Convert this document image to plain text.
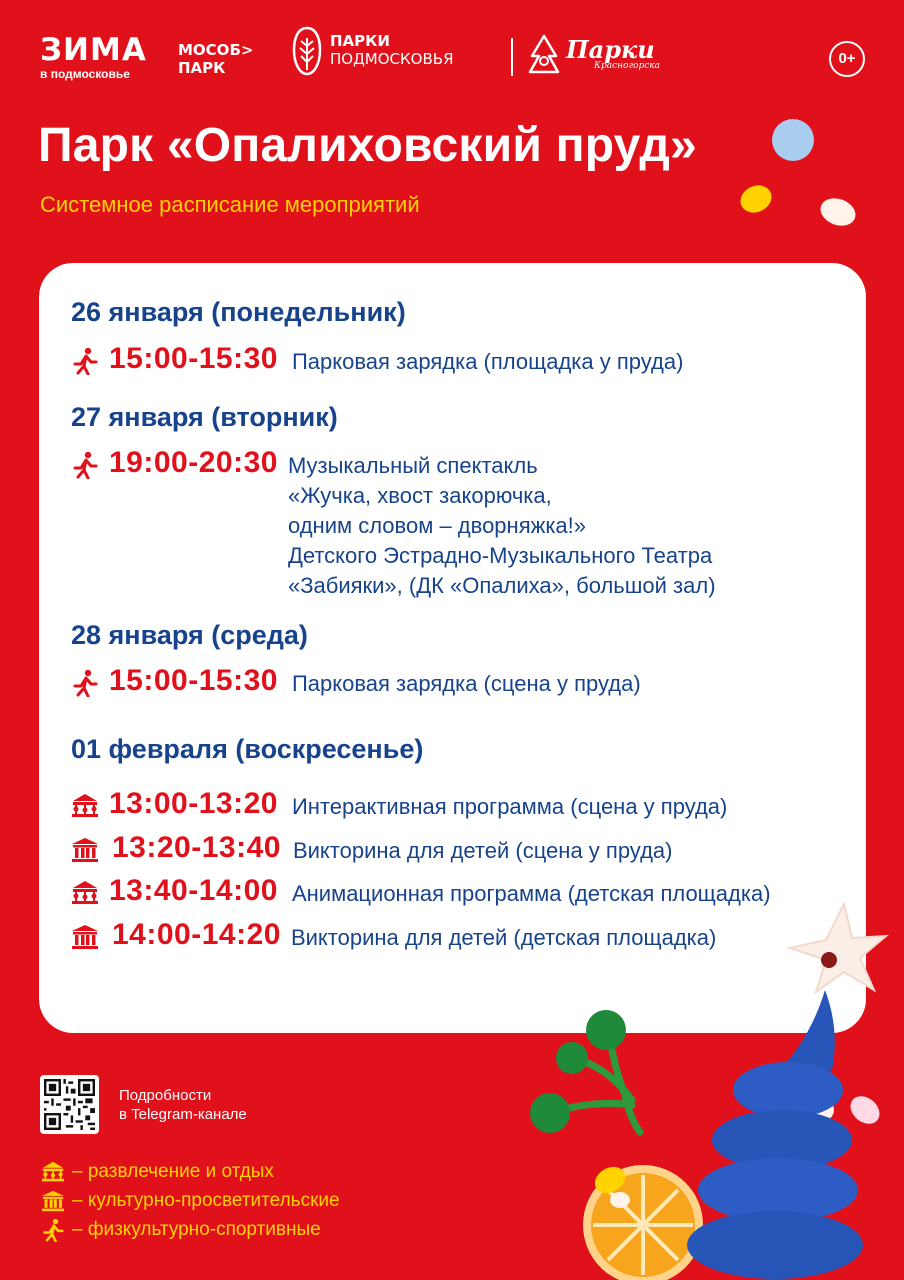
ЗИМА
в подмосковье
МОСОБ>
ПАРК
ПАРКИ
ПОДМОСКОВЬЯ	Парки
Красногорска	0+
Парк «Опалиховский пруд»
Системное расписание мероприятий
26 января (понедельник)
15:00-15:30 Парковая зарядка (площадка у пруда)
27 января (вторник)
19:00-20:30 Музыкальный спектакль
«Жучка, хвост закорючка,
одним словом – дворняжка!»
Детского Эстрадно-Музыкального Театра
«Забияки», (ДК «Опалиха», большой зал)
28 января (среда)
15:00-15:30 Парковая зарядка (сцена у пруда)
01 февраля (воскресенье)
13:00-13:20 Интерактивная программа (сцена у пруда)
13:20-13:40 Викторина для детей (сцена у пруда)
13:40-14:00 Анимационная программа (детская площадка)
14:00-14:20 Викторина для детей (детская площадка)
Подробности
в Telegram-канале
– развлечение и отдых
– культурно-просветительские
– физкультурно-спортивные
